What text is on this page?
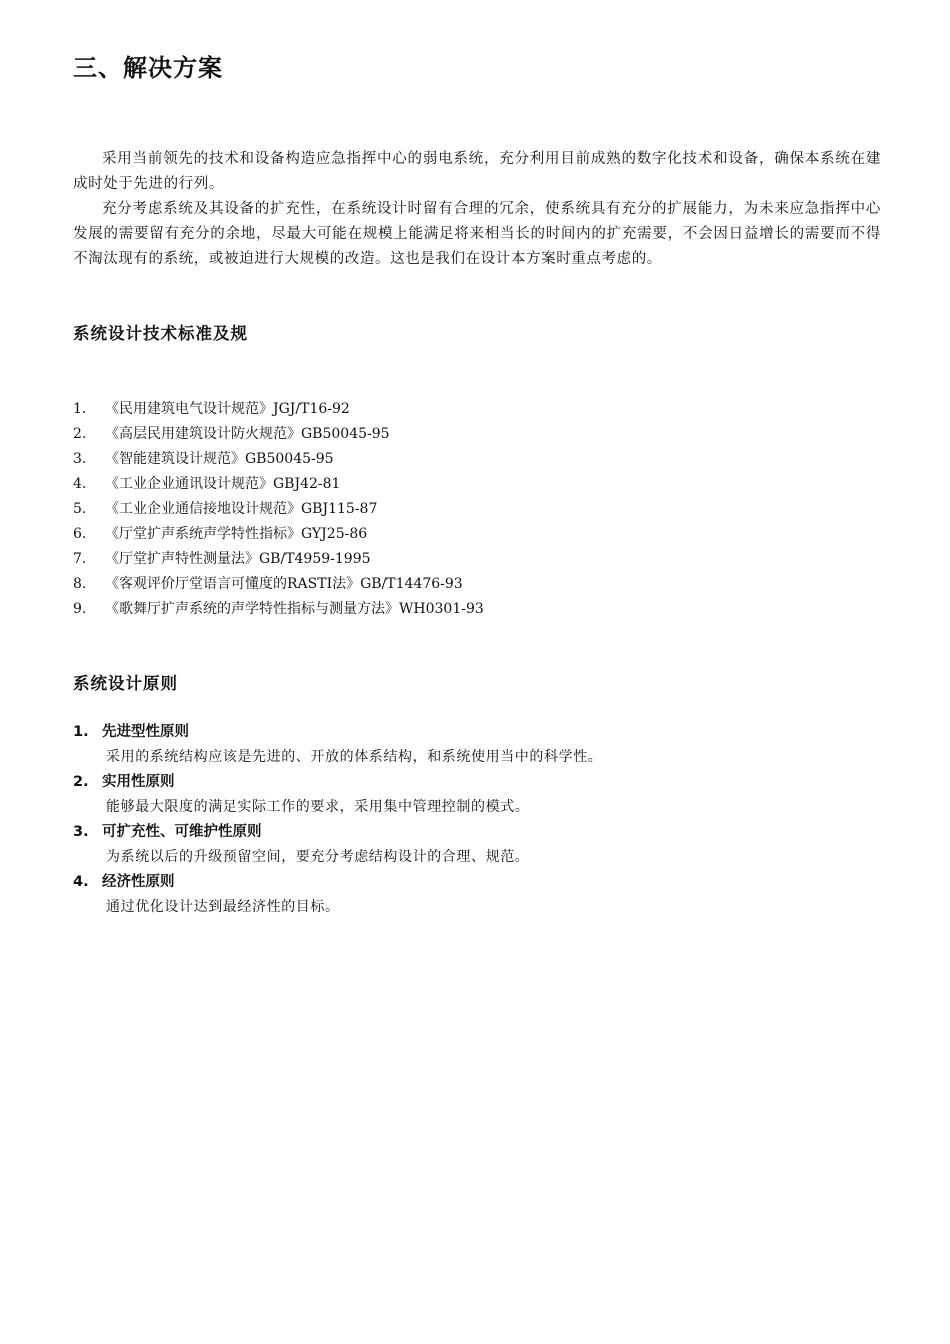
三、解决方案

采用当前领先的技术和设备构造应急指挥中心的弱电系统，充分利用目前成熟的数字化技术和设备，确保本系统在建成时处于先进的行列。

充分考虑系统及其设备的扩充性，在系统设计时留有合理的冗余，使系统具有充分的扩展能力，为未来应急指挥中心发展的需要留有充分的余地，尽最大可能在规模上能满足将来相当长的时间内的扩充需要，不会因日益增长的需要而不得不淘汰现有的系统，或被迫进行大规模的改造。这也是我们在设计本方案时重点考虑的。

系统设计技术标准及规
1. 《民用建筑电气设计规范》JGJ/T16-92
2. 《高层民用建筑设计防火规范》GB50045-95
3. 《智能建筑设计规范》GB50045-95
4. 《工业企业通讯设计规范》GBJ42-81
5. 《工业企业通信接地设计规范》GBJ115-87
6. 《厅堂扩声系统声学特性指标》GYJ25-86
7. 《厅堂扩声特性测量法》GB/T4959-1995
8. 《客观评价厅堂语言可懂度的RASTI法》GB/T14476-93
9. 《歌舞厅扩声系统的声学特性指标与测量方法》WH0301-93
系统设计原则
1. 先进型性原则
采用的系统结构应该是先进的、开放的体系结构，和系统使用当中的科学性。
2. 实用性原则
能够最大限度的满足实际工作的要求，采用集中管理控制的模式。
3. 可扩充性、可维护性原则
为系统以后的升级预留空间，要充分考虑结构设计的合理、规范。
4. 经济性原则
通过优化设计达到最经济性的目标。
